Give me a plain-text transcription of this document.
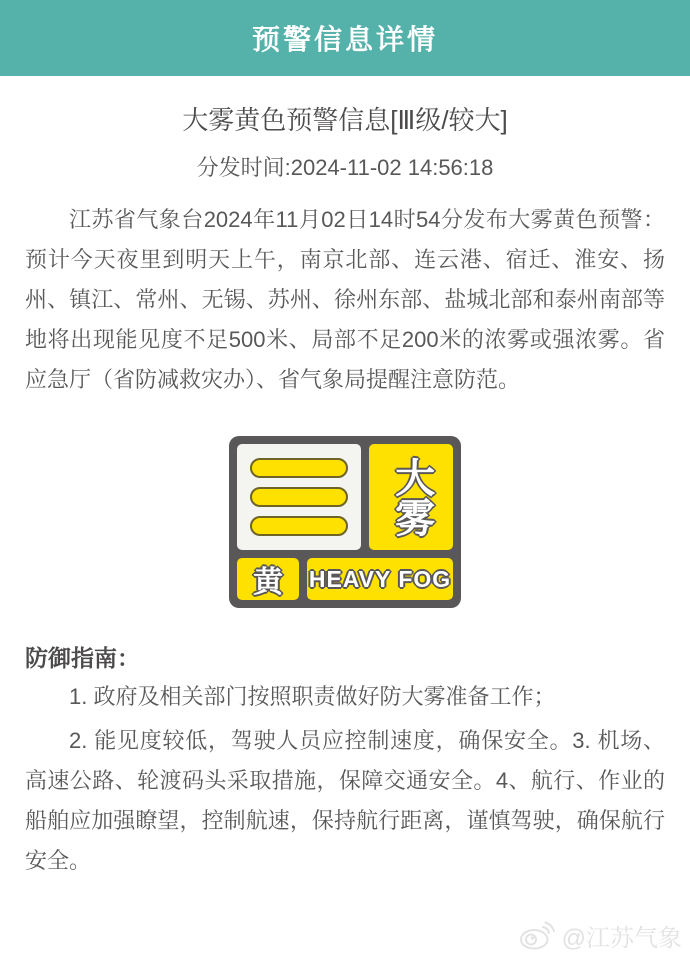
预警信息详情
大雾黄色预警信息[Ⅲ级/较大]
分发时间:2024-11-02 14:56:18
江苏省气象台2024年11月02日14时54分发布大雾黄色预警：预计今天夜里到明天上午，南京北部、连云港、宿迁、淮安、扬州、镇江、常州、无锡、苏州、徐州东部、盐城北部和泰州南部等地将出现能见度不足500米、局部不足200米的浓雾或强浓雾。省应急厅（省防减救灾办）、省气象局提醒注意防范。
大雾
黄	HEAVY FOG
防御指南：
1. 政府及相关部门按照职责做好防大雾准备工作；
2. 能见度较低，驾驶人员应控制速度，确保安全。3. 机场、高速公路、轮渡码头采取措施，保障交通安全。4、航行、作业的船舶应加强瞭望，控制航速，保持航行距离，谨慎驾驶，确保航行安全。
@江苏气象
